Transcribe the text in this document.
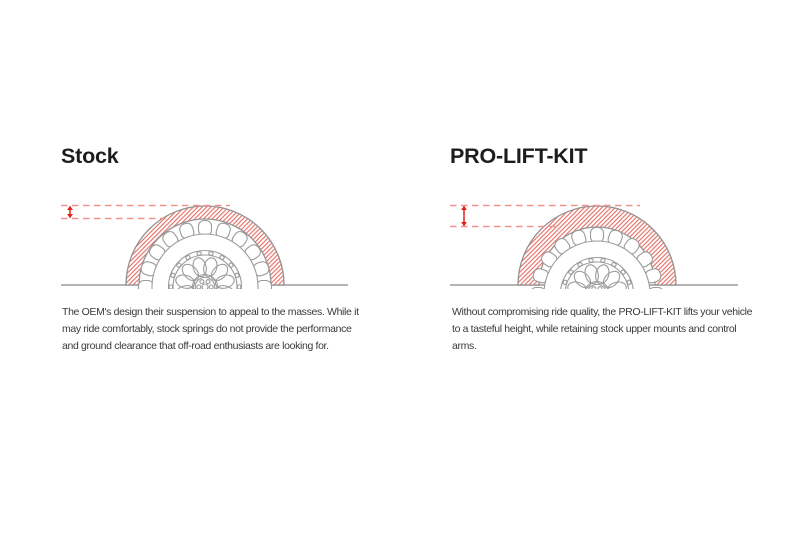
Stock	PRO-LIFT-KIT
The OEM's design their suspension to appeal to the masses. While it
may ride comfortably, stock springs do not provide the performance
and ground clearance that off-road enthusiasts are looking for.
Without compromising ride quality, the PRO-LIFT-KIT lifts your vehicle
to a tasteful height, while retaining stock upper mounts and control
arms.
